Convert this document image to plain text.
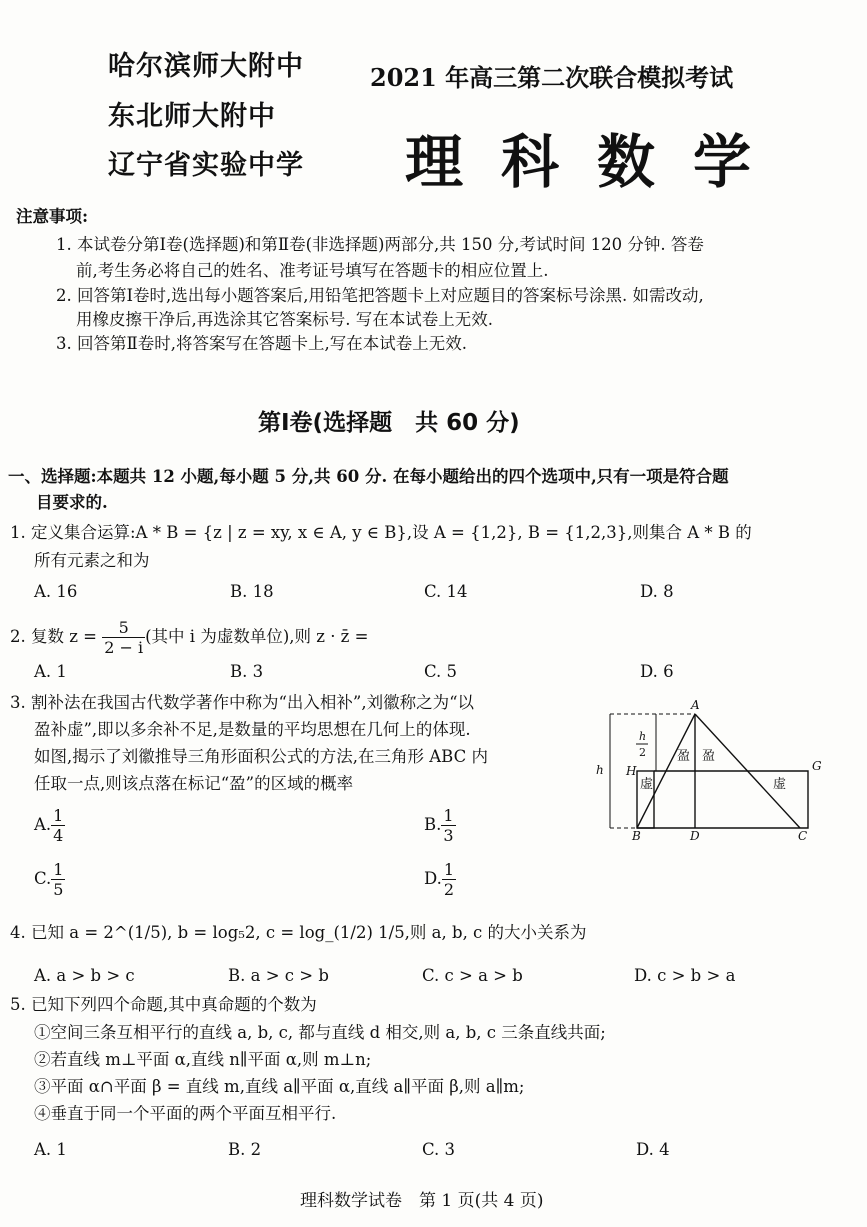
哈尔滨师大附中
东北师大附中
辽宁省实验中学
2021 年高三第二次联合模拟考试
理科数学
注意事项:
1. 本试卷分第Ⅰ卷(选择题)和第Ⅱ卷(非选择题)两部分,共 150 分,考试时间 120 分钟. 答卷
前,考生务必将自己的姓名、准考证号填写在答题卡的相应位置上.
2. 回答第Ⅰ卷时,选出每小题答案后,用铅笔把答题卡上对应题目的答案标号涂黑. 如需改动,
用橡皮擦干净后,再选涂其它答案标号. 写在本试卷上无效.
3. 回答第Ⅱ卷时,将答案写在答题卡上,写在本试卷上无效.
第Ⅰ卷(选择题　共 60 分)
一、选择题:本题共 12 小题,每小题 5 分,共 60 分. 在每小题给出的四个选项中,只有一项是符合题
目要求的.
1. 定义集合运算:A * B = {z | z = xy, x ∈ A, y ∈ B},设 A = {1,2}, B = {1,2,3},则集合 A * B 的
所有元素之和为
A. 16	B. 18	C. 14	D. 8
2. 复数 $z = \frac{5}{2 - i}$ (其中 i 为虚数单位),则 z · z̄ =
A. 1	B. 3	C. 5	D. 6
3. 割补法在我国古代数学著作中称为“出入相补”,刘徽称之为“以
盈补虚”,即以多余补不足,是数量的平均思想在几何上的体现.
如图,揭示了刘徽推导三角形面积公式的方法,在三角形 ABC 内
任取一点,则该点落在标记“盈”的区域的概率
A. $\frac{1}{4}$	B. $\frac{1}{3}$
C. $\frac{1}{5}$	D. $\frac{1}{2}$
A
B	C
D
G
H
h
h
2 盈 盈
虚	虚
4. 已知 a = 2^(1/5), b = log₅2, c = log_(1/2) 1/5,则 a, b, c 的大小关系为
A. a > b > c	B. a > c > b	C. c > a > b	D. c > b > a
5. 已知下列四个命题,其中真命题的个数为
①空间三条互相平行的直线 a, b, c, 都与直线 d 相交,则 a, b, c 三条直线共面;
②若直线 m⊥平面 α,直线 n∥平面 α,则 m⊥n;
③平面 α∩平面 β = 直线 m,直线 a∥平面 α,直线 a∥平面 β,则 a∥m;
④垂直于同一个平面的两个平面互相平行.
A. 1	B. 2	C. 3	D. 4
理科数学试卷　第 1 页(共 4 页)
